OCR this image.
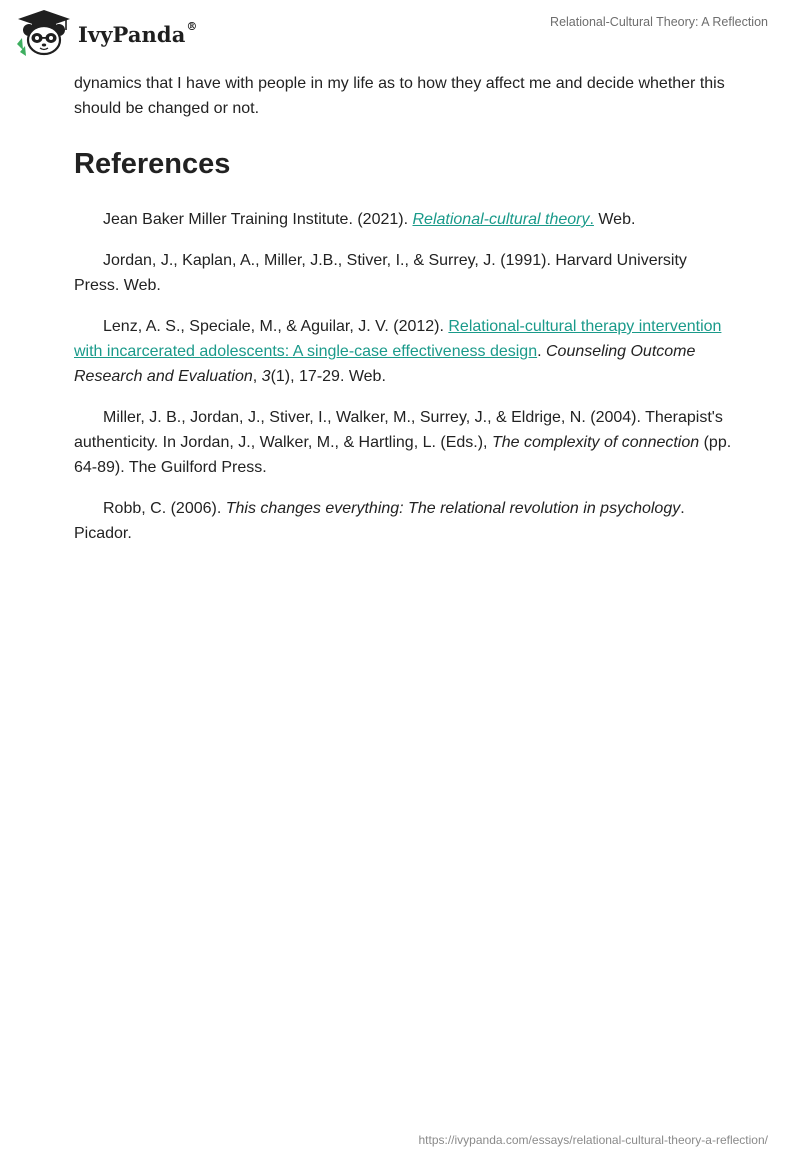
IvyPanda®	Relational-Cultural Theory: A Reflection

dynamics that I have with people in my life as to how they affect me and decide whether this should be changed or not.

References

Jean Baker Miller Training Institute. (2021). Relational-cultural theory. Web.

Jordan, J., Kaplan, A., Miller, J.B., Stiver, I., & Surrey, J. (1991). Harvard University Press. Web.

Lenz, A. S., Speciale, M., & Aguilar, J. V. (2012). Relational-cultural therapy intervention with incarcerated adolescents: A single-case effectiveness design. Counseling Outcome Research and Evaluation, 3(1), 17-29. Web.

Miller, J. B., Jordan, J., Stiver, I., Walker, M., Surrey, J., & Eldrige, N. (2004). Therapist's authenticity. In Jordan, J., Walker, M., & Hartling, L. (Eds.), The complexity of connection (pp. 64-89). The Guilford Press.

Robb, C. (2006). This changes everything: The relational revolution in psychology. Picador.

https://ivypanda.com/essays/relational-cultural-theory-a-reflection/
